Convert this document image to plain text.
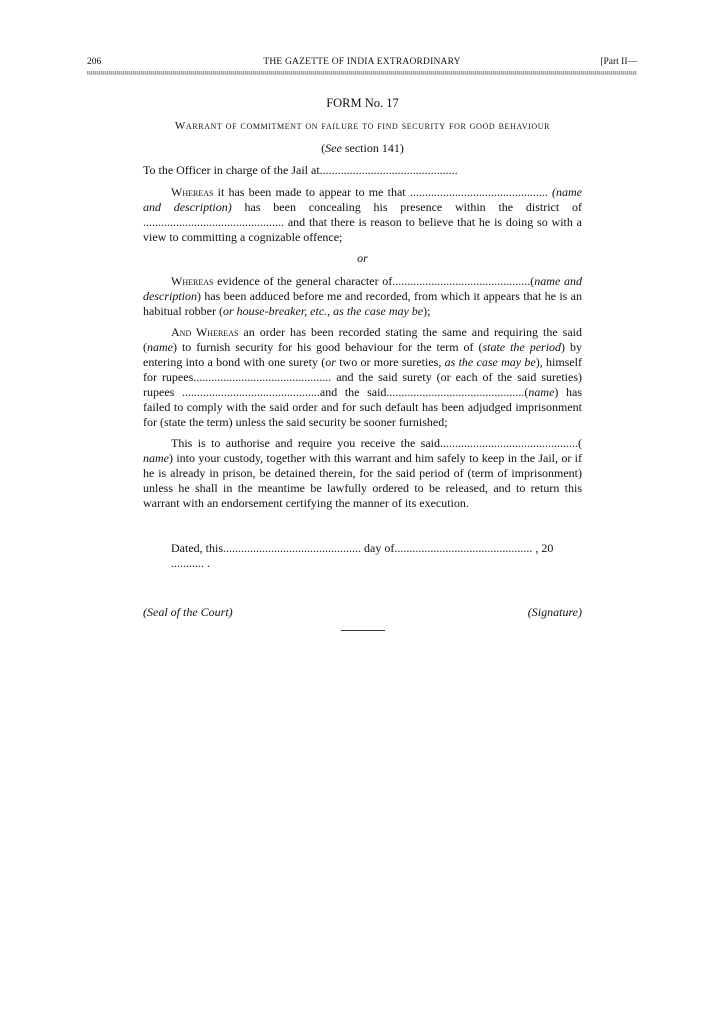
206	THE GAZETTE OF INDIA EXTRAORDINARY	[Part II—
FORM No. 17
Warrant of commitment on failure to find security for good behaviour
(See section 141)
To the Officer in charge of the Jail at..............................................

Whereas it has been made to appear to me that .............................................. (name and description) has been concealing his presence within the district of ............................................... and that there is reason to believe that he is doing so with a view to committing a cognizable offence;

or

Whereas evidence of the general character of..............................................(name and description) has been adduced before me and recorded, from which it appears that he is an habitual robber (or house-breaker, etc., as the case may be);

And Whereas an order has been recorded stating the same and requiring the said (name) to furnish security for his good behaviour for the term of (state the period) by entering into a bond with one surety (or two or more sureties, as the case may be), himself for rupees.............................................. and the said surety (or each of the said sureties) rupees ..............................................and the said..............................................(name) has failed to comply with the said order and for such default has been adjudged imprisonment for (state the term) unless the said security be sooner furnished;

This is to authorise and require you receive the said..............................................( name) into your custody, together with this warrant and him safely to keep in the Jail, or if he is already in prison, be detained therein, for the said period of (term of imprisonment) unless he shall in the meantime be lawfully ordered to be released, and to return this warrant with an endorsement certifying the manner of its execution.

Dated, this.............................................. day of.............................................. , 20 ........... .
(Seal of the Court)	(Signature)
